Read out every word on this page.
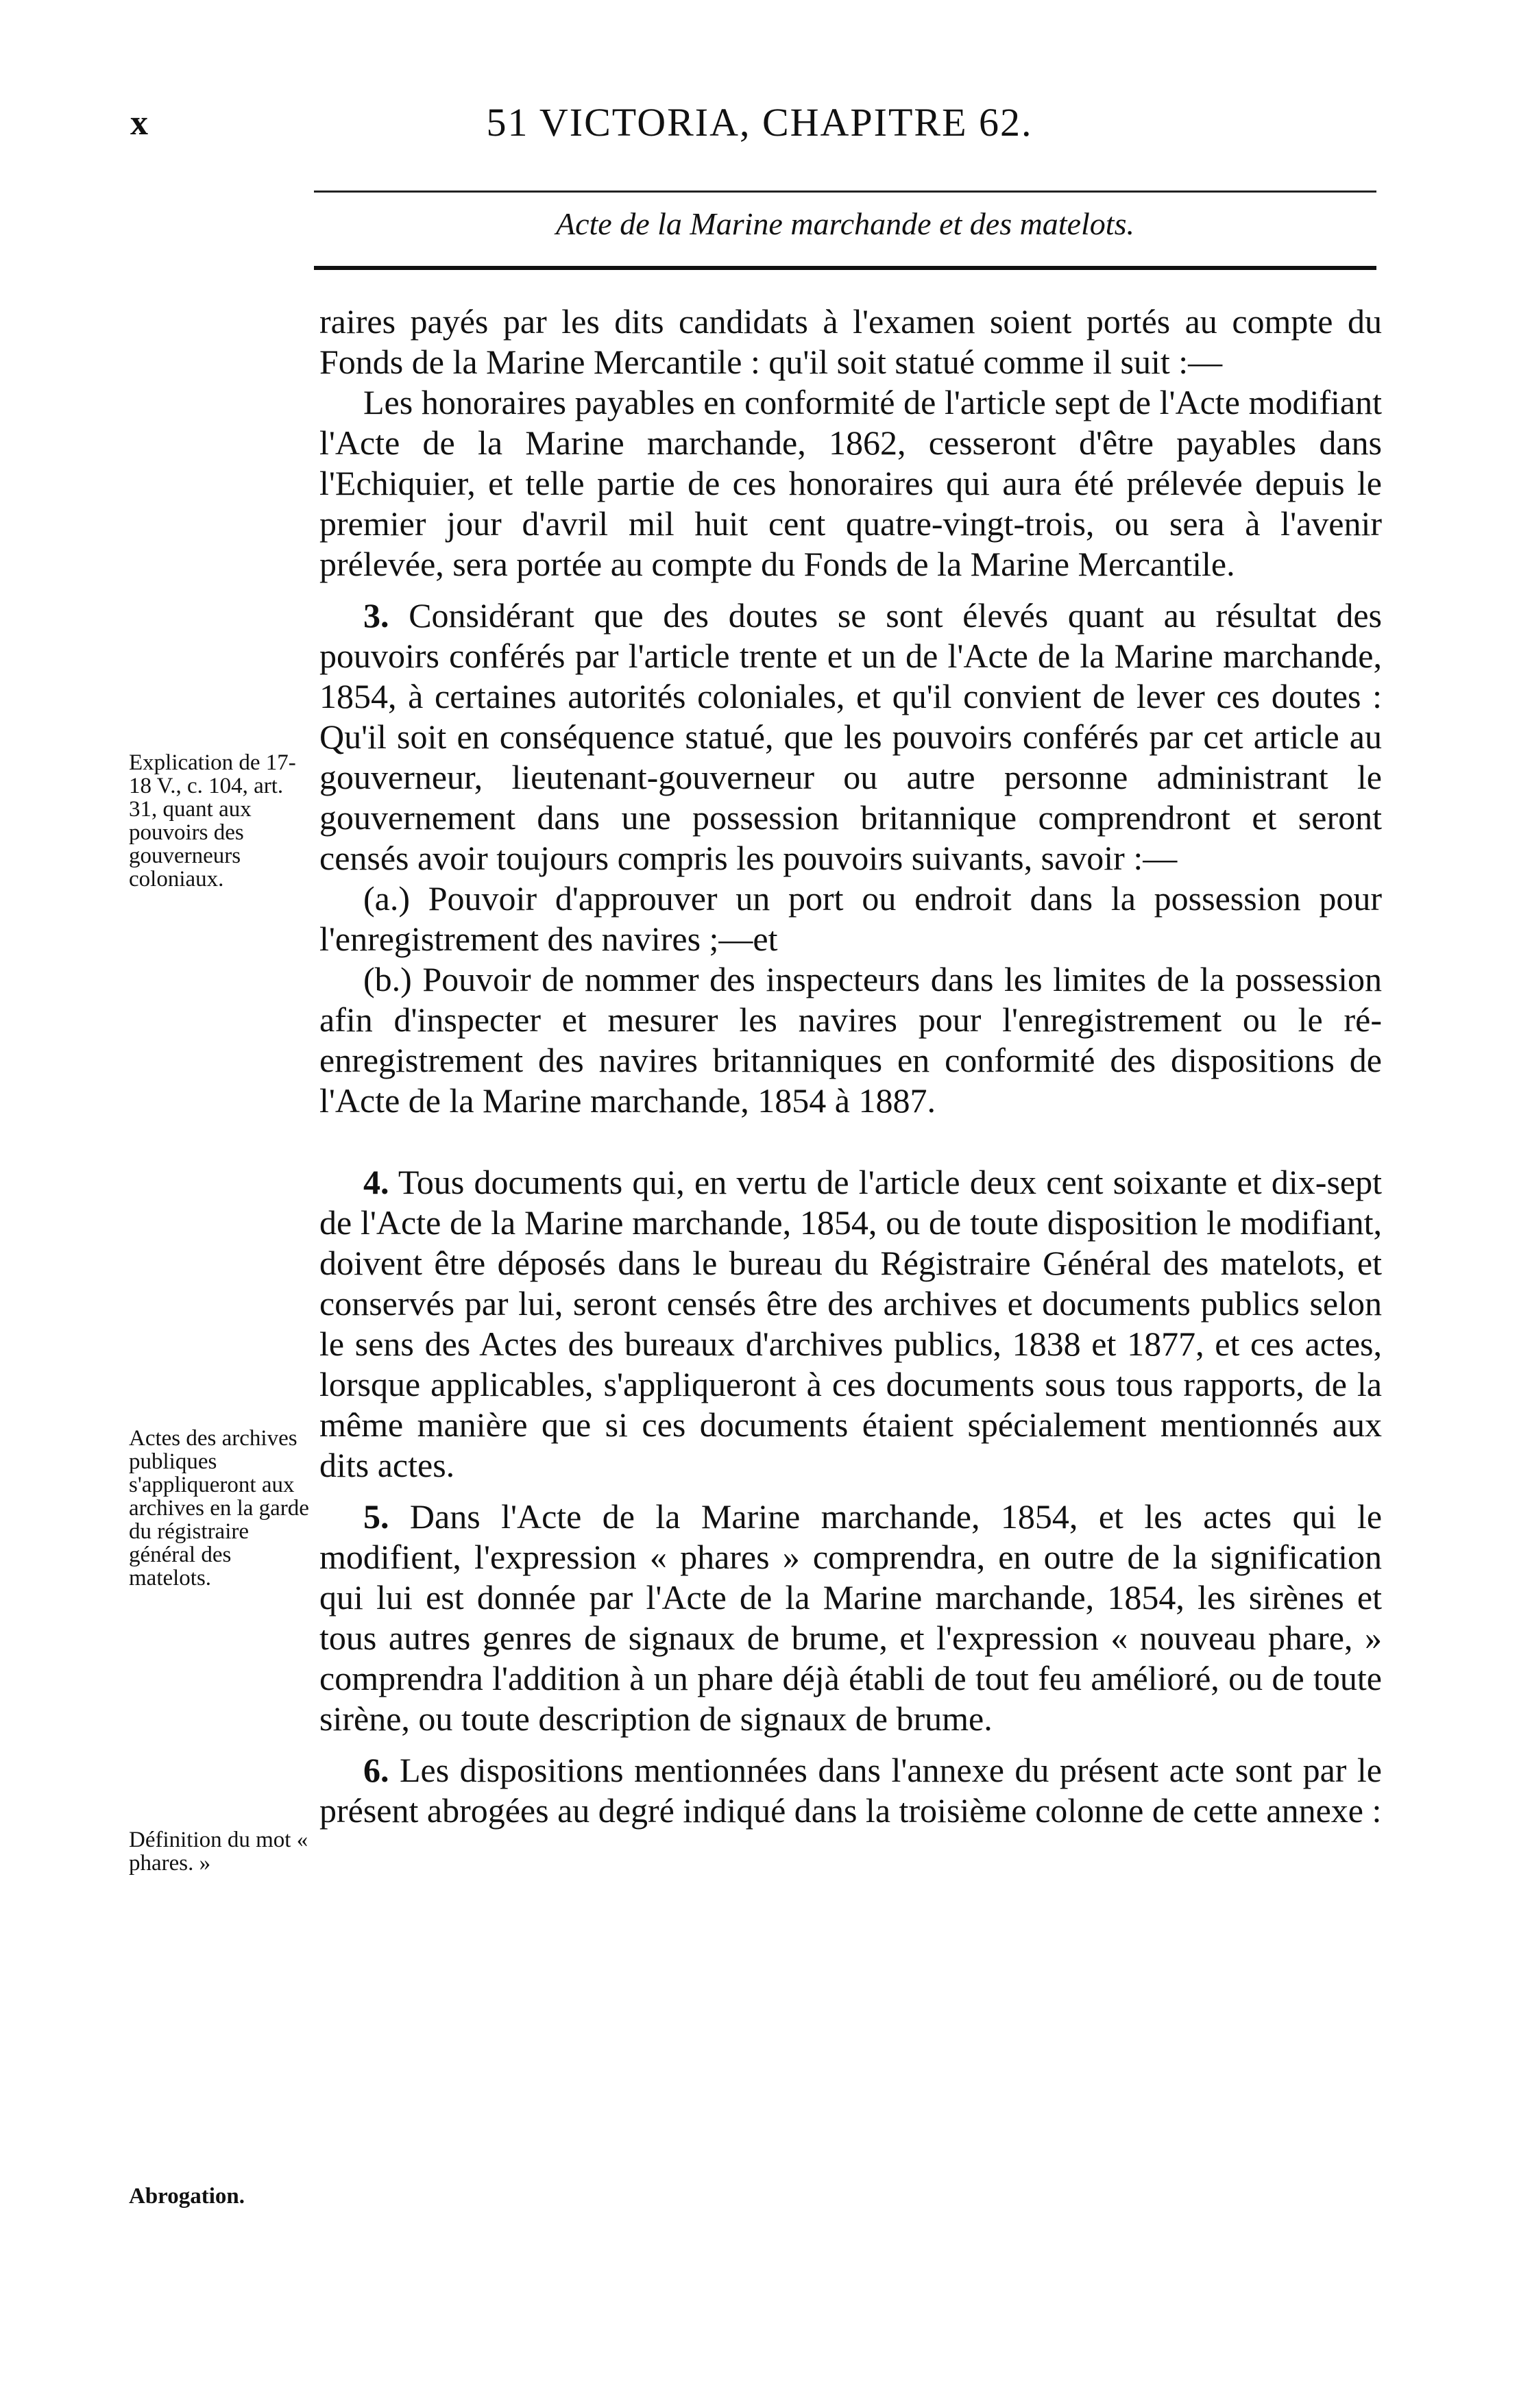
x	51 VICTORIA, CHAPITRE 62.
Acte de la Marine marchande et des matelots.
Explication de 17-18 V., c. 104, art. 31, quant aux pouvoirs des gouverneurs coloniaux.
Actes des archives publiques s'appliqueront aux archives en la garde du régistraire général des matelots.
Définition du mot « phares. »
Abrogation.

raires payés par les dits candidats à l'examen soient portés au compte du Fonds de la Marine Mercantile : qu'il soit statué comme il suit :—

Les honoraires payables en conformité de l'article sept de l'Acte modifiant l'Acte de la Marine marchande, 1862, cesseront d'être payables dans l'Echiquier, et telle partie de ces honoraires qui aura été prélevée depuis le premier jour d'avril mil huit cent quatre-vingt-trois, ou sera à l'avenir prélevée, sera portée au compte du Fonds de la Marine Mercantile.

3. Considérant que des doutes se sont élevés quant au résultat des pouvoirs conférés par l'article trente et un de l'Acte de la Marine marchande, 1854, à certaines autorités coloniales, et qu'il convient de lever ces doutes : Qu'il soit en conséquence statué, que les pouvoirs conférés par cet article au gouverneur, lieutenant-gouverneur ou autre personne administrant le gouvernement dans une possession britannique comprendront et seront censés avoir toujours compris les pouvoirs suivants, savoir :—

(a.) Pouvoir d'approuver un port ou endroit dans la possession pour l'enregistrement des navires ;—et

(b.) Pouvoir de nommer des inspecteurs dans les limites de la possession afin d'inspecter et mesurer les navires pour l'enregistrement ou le ré-enregistrement des navires britanniques en conformité des dispositions de l'Acte de la Marine marchande, 1854 à 1887.

4. Tous documents qui, en vertu de l'article deux cent soixante et dix-sept de l'Acte de la Marine marchande, 1854, ou de toute disposition le modifiant, doivent être déposés dans le bureau du Régistraire Général des matelots, et conservés par lui, seront censés être des archives et documents publics selon le sens des Actes des bureaux d'archives publics, 1838 et 1877, et ces actes, lorsque applicables, s'appliqueront à ces documents sous tous rapports, de la même manière que si ces documents étaient spécialement mentionnés aux dits actes.

5. Dans l'Acte de la Marine marchande, 1854, et les actes qui le modifient, l'expression « phares » comprendra, en outre de la signification qui lui est donnée par l'Acte de la Marine marchande, 1854, les sirènes et tous autres genres de signaux de brume, et l'expression « nouveau phare, » comprendra l'addition à un phare déjà établi de tout feu amélioré, ou de toute sirène, ou toute description de signaux de brume.

6. Les dispositions mentionnées dans l'annexe du présent acte sont par le présent abrogées au degré indiqué dans la troisième colonne de cette annexe :
